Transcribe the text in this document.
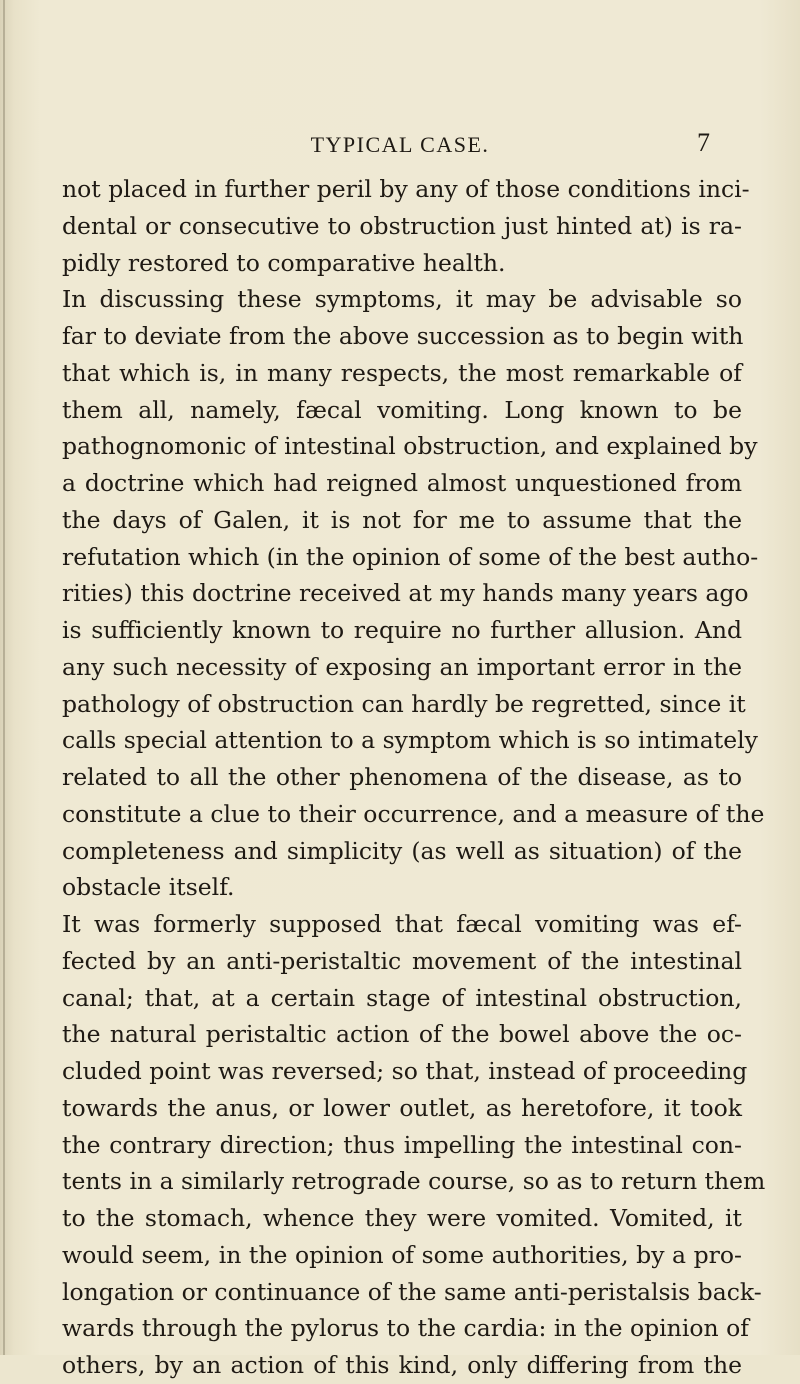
TYPICAL CASE.	7
not placed in further peril by any of those conditions inci-
dental or consecutive to obstruction just hinted at) is ra-
pidly restored to comparative health.
In discussing these symptoms, it may be advisable so
far to deviate from the above succession as to begin with
that which is, in many respects, the most remarkable of
them all, namely, fæcal vomiting. Long known to be
pathognomonic of intestinal obstruction, and explained by
a doctrine which had reigned almost unquestioned from
the days of Galen, it is not for me to assume that the
refutation which (in the opinion of some of the best autho-
rities) this doctrine received at my hands many years ago
is sufficiently known to require no further allusion. And
any such necessity of exposing an important error in the
pathology of obstruction can hardly be regretted, since it
calls special attention to a symptom which is so intimately
related to all the other phenomena of the disease, as to
constitute a clue to their occurrence, and a measure of the
completeness and simplicity (as well as situation) of the
obstacle itself.
It was formerly supposed that fæcal vomiting was ef-
fected by an anti-peristaltic movement of the intestinal
canal; that, at a certain stage of intestinal obstruction,
the natural peristaltic action of the bowel above the oc-
cluded point was reversed; so that, instead of proceeding
towards the anus, or lower outlet, as heretofore, it took
the contrary direction; thus impelling the intestinal con-
tents in a similarly retrograde course, so as to return them
to the stomach, whence they were vomited. Vomited, it
would seem, in the opinion of some authorities, by a pro-
longation or continuance of the same anti-peristalsis back-
wards through the pylorus to the cardia: in the opinion of
others, by an action of this kind, only differing from the
